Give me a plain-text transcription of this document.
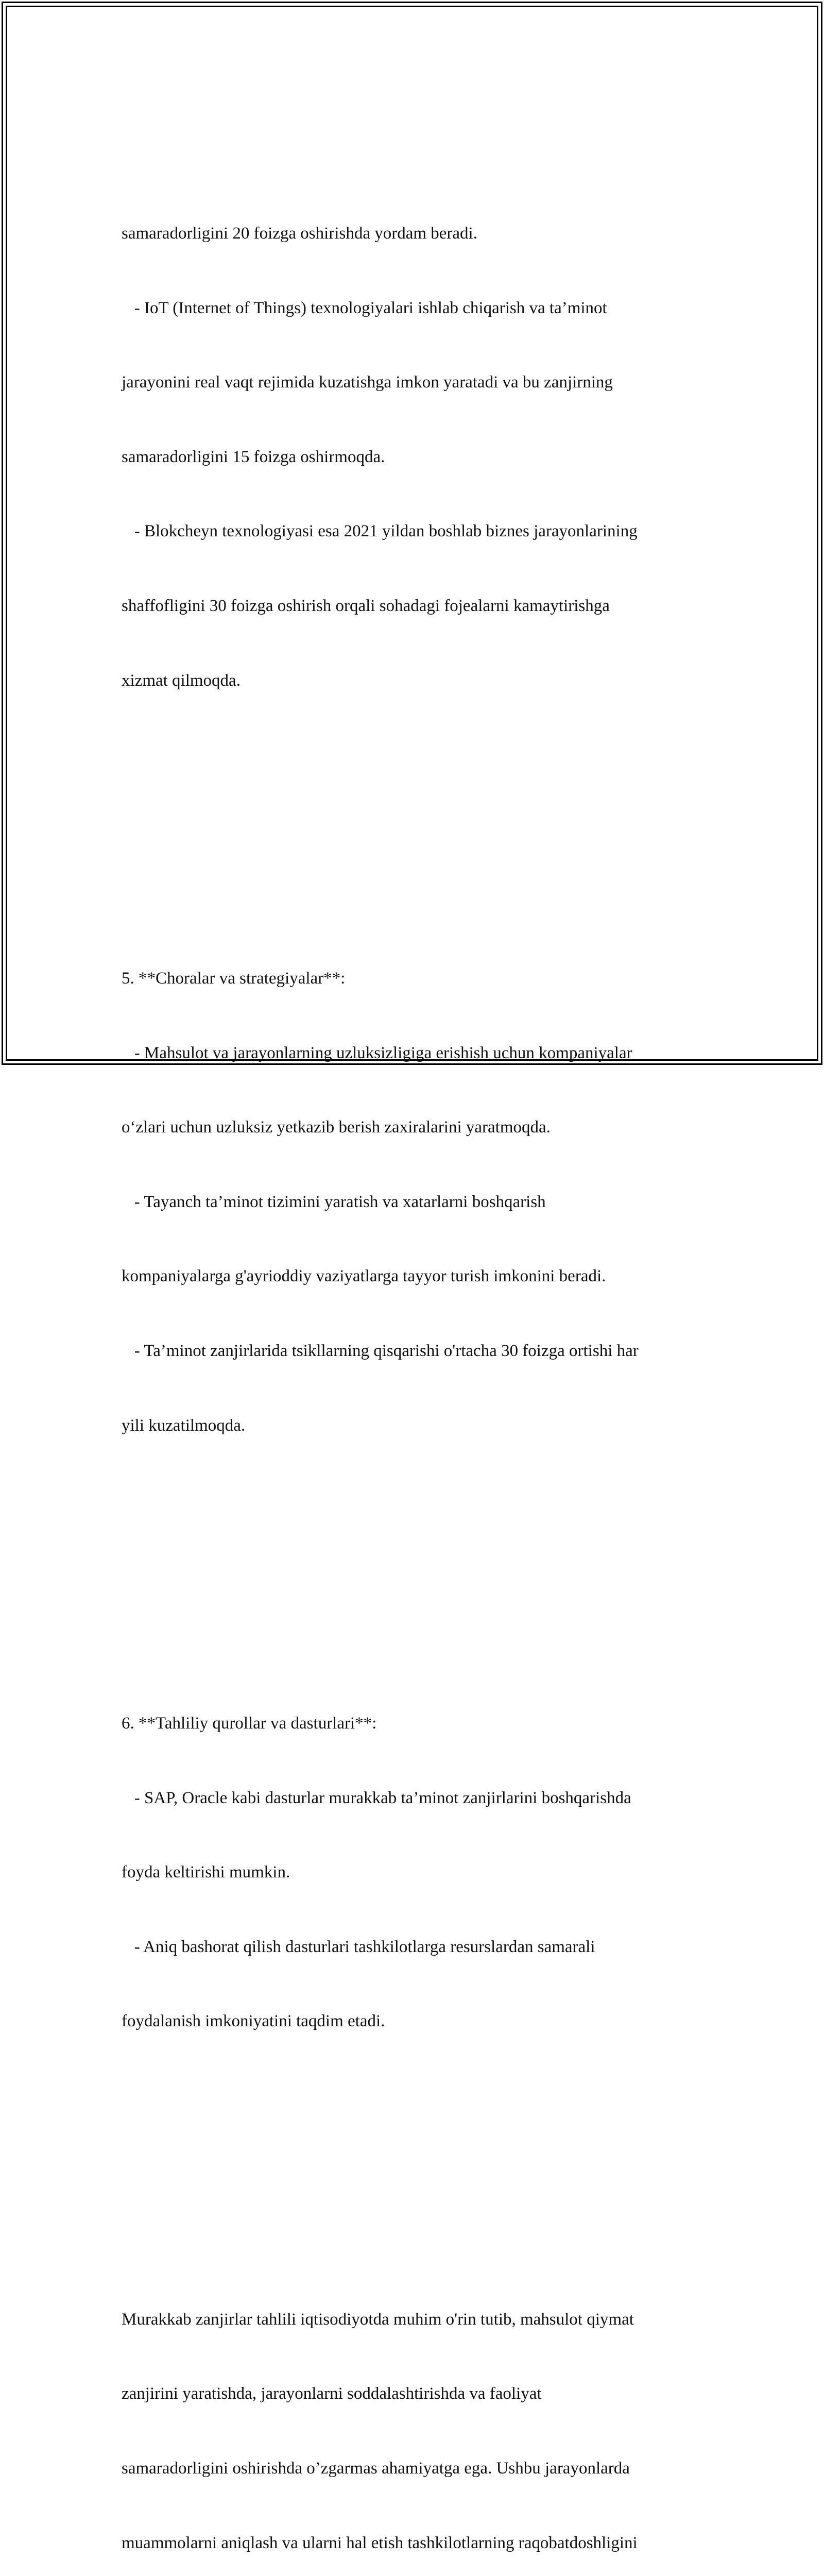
samaradorligini 20 foizga oshirishda yordam beradi.

- IoT (Internet of Things) texnologiyalari ishlab chiqarish va ta’minot

jarayonini real vaqt rejimida kuzatishga imkon yaratadi va bu zanjirning

samaradorligini 15 foizga oshirmoqda.

- Blokcheyn texnologiyasi esa 2021 yildan boshlab biznes jarayonlarining

shaffofligini 30 foizga oshirish orqali sohadagi fojealarni kamaytirishga

xizmat qilmoqda.

5. **Choralar va strategiyalar**:

- Mahsulot va jarayonlarning uzluksizligiga erishish uchun kompaniyalar

o‘zlari uchun uzluksiz yetkazib berish zaxiralarini yaratmoqda.

- Tayanch ta’minot tizimini yaratish va xatarlarni boshqarish

kompaniyalarga g'ayrioddiy vaziyatlarga tayyor turish imkonini beradi.

- Ta’minot zanjirlarida tsikllarning qisqarishi o'rtacha 30 foizga ortishi har

yili kuzatilmoqda.

6. **Tahliliy qurollar va dasturlari**:

- SAP, Oracle kabi dasturlar murakkab ta’minot zanjirlarini boshqarishda

foyda keltirishi mumkin.

- Aniq bashorat qilish dasturlari tashkilotlarga resurslardan samarali

foydalanish imkoniyatini taqdim etadi.

Murakkab zanjirlar tahlili iqtisodiyotda muhim o'rin tutib, mahsulot qiymat

zanjirini yaratishda, jarayonlarni soddalashtirishda va faoliyat

samaradorligini oshirishda o’zgarmas ahamiyatga ega. Ushbu jarayonlarda

muammolarni aniqlash va ularni hal etish tashkilotlarning raqobatdoshligini
